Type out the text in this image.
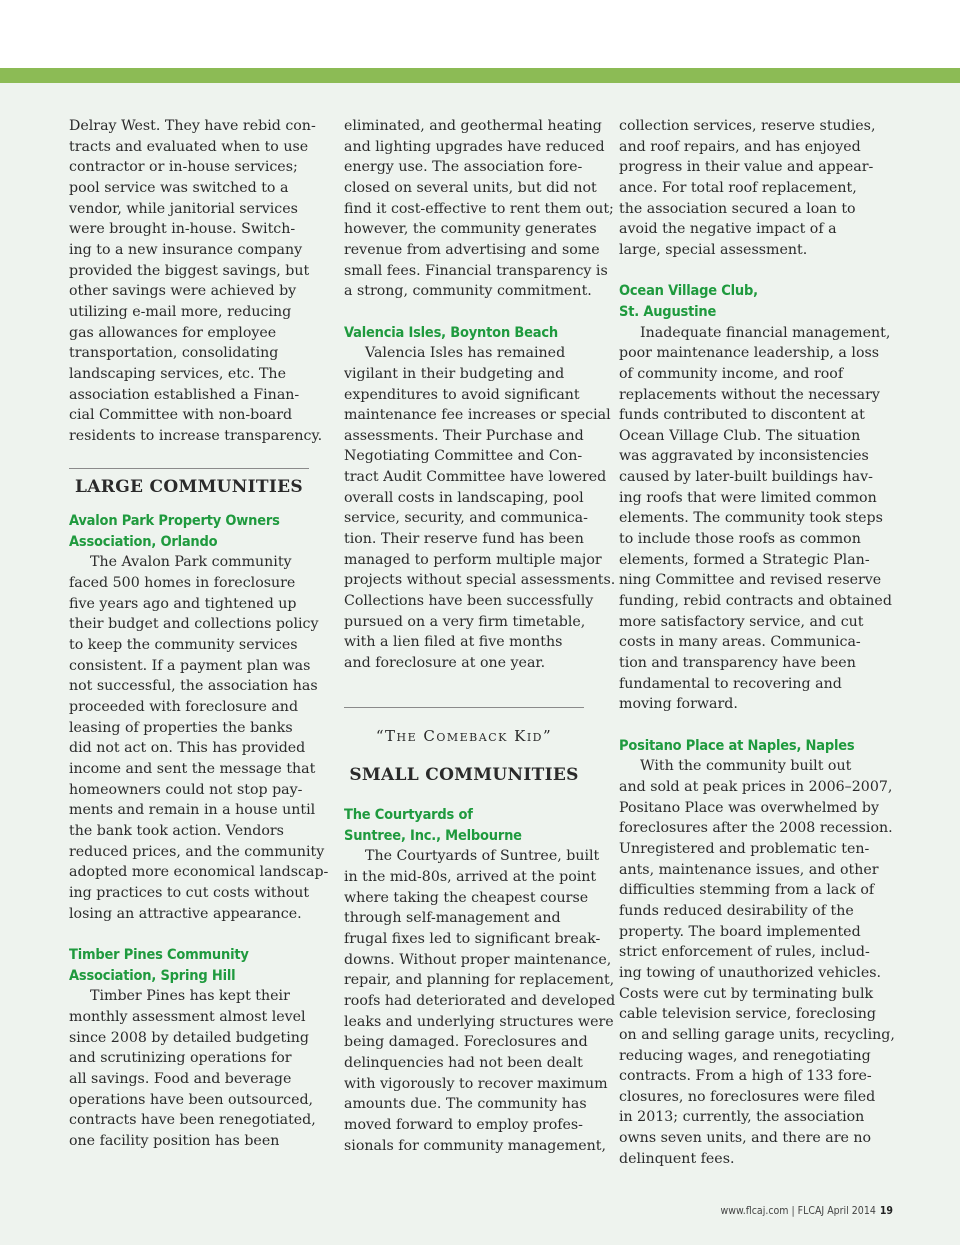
Delray West. They have rebid con-

tracts and evaluated when to use

contractor or in-house services;

pool service was switched to a

vendor, while janitorial services

were brought in-house. Switch-

ing to a new insurance company

provided the biggest savings, but

other savings were achieved by

utilizing e-mail more, reducing

gas allowances for employee

transportation, consolidating

landscaping services, etc. The

association established a Finan-

cial Committee with non-board

residents to increase transparency.

LARGE COMMUNITIES

Avalon Park Property Owners

Association, Orlando

The Avalon Park community

faced 500 homes in foreclosure

five years ago and tightened up

their budget and collections policy

to keep the community services

consistent. If a payment plan was

not successful, the association has

proceeded with foreclosure and

leasing of properties the banks

did not act on. This has provided

income and sent the message that

homeowners could not stop pay-

ments and remain in a house until

the bank took action. Vendors

reduced prices, and the community

adopted more economical landscap-

ing practices to cut costs without

losing an attractive appearance.

Timber Pines Community

Association, Spring Hill

Timber Pines has kept their

monthly assessment almost level

since 2008 by detailed budgeting

and scrutinizing operations for

all savings. Food and beverage

operations have been outsourced,

contracts have been renegotiated,

one facility position has been

eliminated, and geothermal heating

and lighting upgrades have reduced

energy use. The association fore-

closed on several units, but did not

find it cost-effective to rent them out;

however, the community generates

revenue from advertising and some

small fees. Financial transparency is

a strong, community commitment.

Valencia Isles, Boynton Beach

Valencia Isles has remained

vigilant in their budgeting and

expenditures to avoid significant

maintenance fee increases or special

assessments. Their Purchase and

Negotiating Committee and Con-

tract Audit Committee have lowered

overall costs in landscaping, pool

service, security, and communica-

tion. Their reserve fund has been

managed to perform multiple major

projects without special assessments.

Collections have been successfully

pursued on a very firm timetable,

with a lien filed at five months

and foreclosure at one year.

“The Comeback Kid”
SMALL COMMUNITIES

The Courtyards of

Suntree, Inc., Melbourne

The Courtyards of Suntree, built

in the mid-80s, arrived at the point

where taking the cheapest course

through self-management and

frugal fixes led to significant break-

downs. Without proper maintenance,

repair, and planning for replacement,

roofs had deteriorated and developed

leaks and underlying structures were

being damaged. Foreclosures and

delinquencies had not been dealt

with vigorously to recover maximum

amounts due. The community has

moved forward to employ profes-

sionals for community management,

collection services, reserve studies,

and roof repairs, and has enjoyed

progress in their value and appear-

ance. For total roof replacement,

the association secured a loan to

avoid the negative impact of a

large, special assessment.

Ocean Village Club,

St. Augustine

Inadequate financial management,

poor maintenance leadership, a loss

of community income, and roof

replacements without the necessary

funds contributed to discontent at

Ocean Village Club. The situation

was aggravated by inconsistencies

caused by later-built buildings hav-

ing roofs that were limited common

elements. The community took steps

to include those roofs as common

elements, formed a Strategic Plan-

ning Committee and revised reserve

funding, rebid contracts and obtained

more satisfactory service, and cut

costs in many areas. Communica-

tion and transparency have been

fundamental to recovering and

moving forward.

Positano Place at Naples, Naples

With the community built out

and sold at peak prices in 2006–2007,

Positano Place was overwhelmed by

foreclosures after the 2008 recession.

Unregistered and problematic ten-

ants, maintenance issues, and other

difficulties stemming from a lack of

funds reduced desirability of the

property. The board implemented

strict enforcement of rules, includ-

ing towing of unauthorized vehicles.

Costs were cut by terminating bulk

cable television service, foreclosing

on and selling garage units, recycling,

reducing wages, and renegotiating

contracts. From a high of 133 fore-

closures, no foreclosures were filed

in 2013; currently, the association

owns seven units, and there are no

delinquent fees.

www.flcaj.com | FLCAJ April 2014 19
